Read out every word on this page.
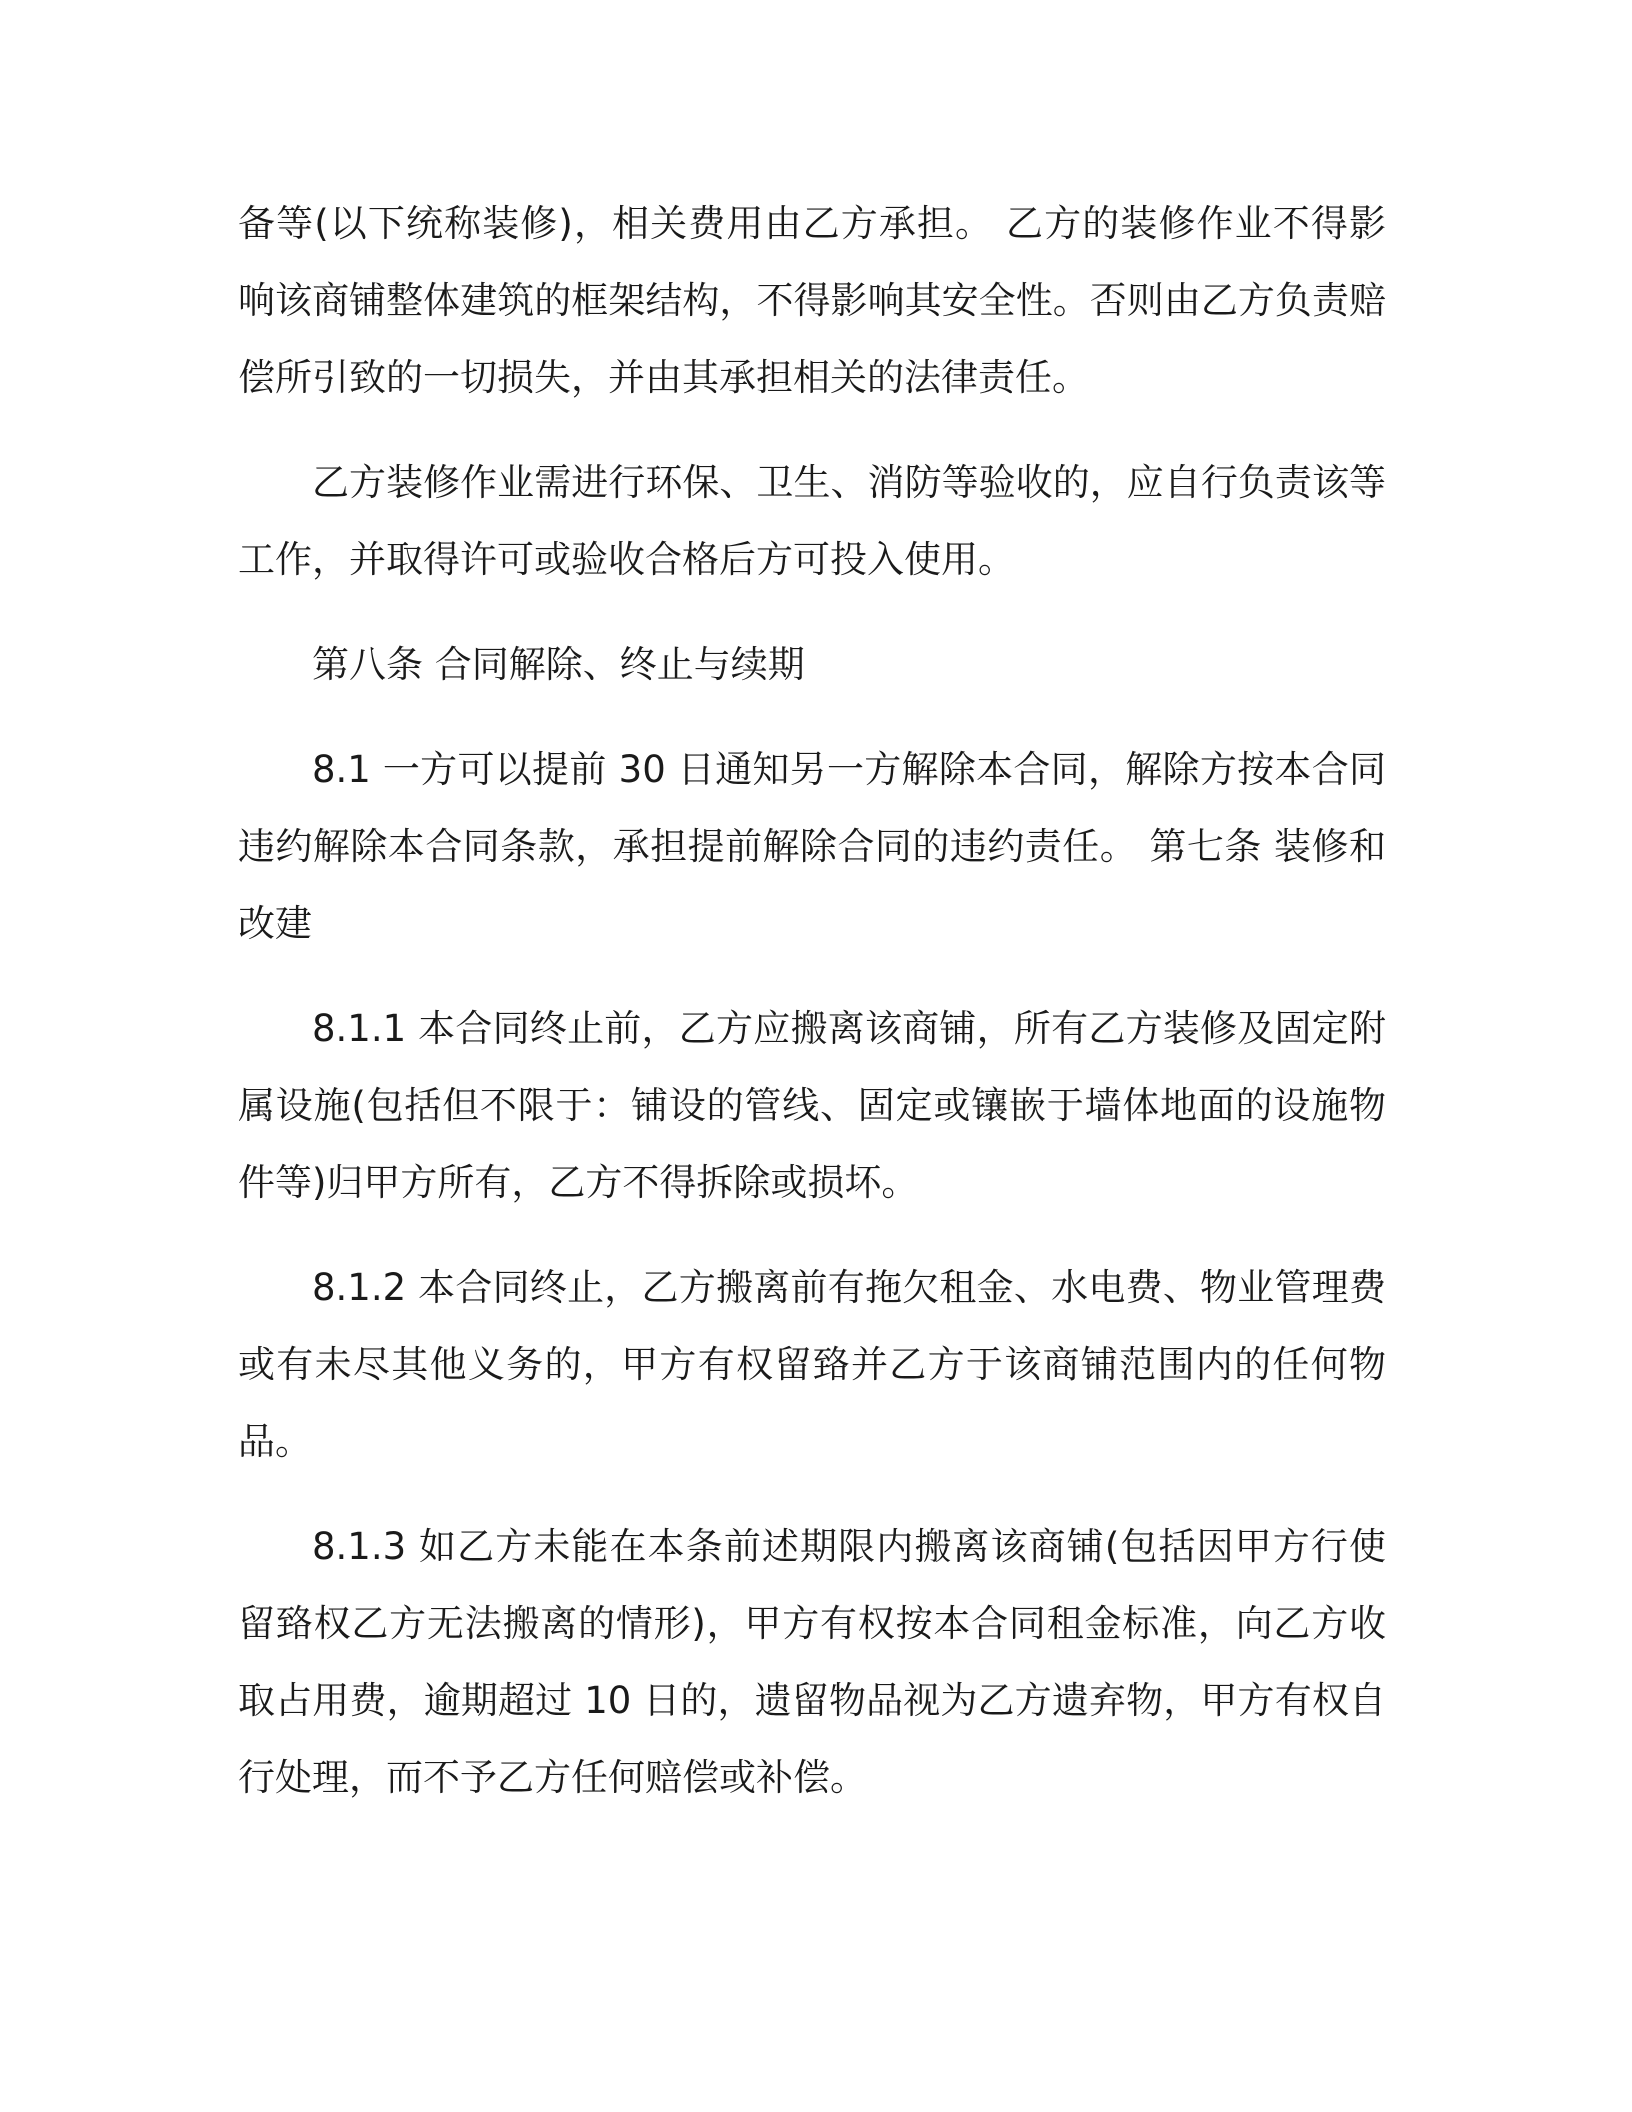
备等(以下统称装修)，相关费用由乙方承担。 乙方的装修作业不得影响该商铺整体建筑的框架结构，不得影响其安全性。否则由乙方负责赔偿所引致的一切损失，并由其承担相关的法律责任。

乙方装修作业需进行环保、卫生、消防等验收的，应自行负责该等工作，并取得许可或验收合格后方可投入使用。

第八条 合同解除、终止与续期

8.1 一方可以提前 30 日通知另一方解除本合同，解除方按本合同违约解除本合同条款，承担提前解除合同的违约责任。 第七条 装修和改建

8.1.1 本合同终止前，乙方应搬离该商铺，所有乙方装修及固定附属设施(包括但不限于：铺设的管线、固定或镶嵌于墙体地面的设施物件等)归甲方所有，乙方不得拆除或损坏。

8.1.2 本合同终止，乙方搬离前有拖欠租金、水电费、物业管理费或有未尽其他义务的，甲方有权留臵并乙方于该商铺范围内的任何物品。

8.1.3 如乙方未能在本条前述期限内搬离该商铺(包括因甲方行使留臵权乙方无法搬离的情形)，甲方有权按本合同租金标准，向乙方收取占用费，逾期超过 10 日的，遗留物品视为乙方遗弃物，甲方有权自行处理，而不予乙方任何赔偿或补偿。
